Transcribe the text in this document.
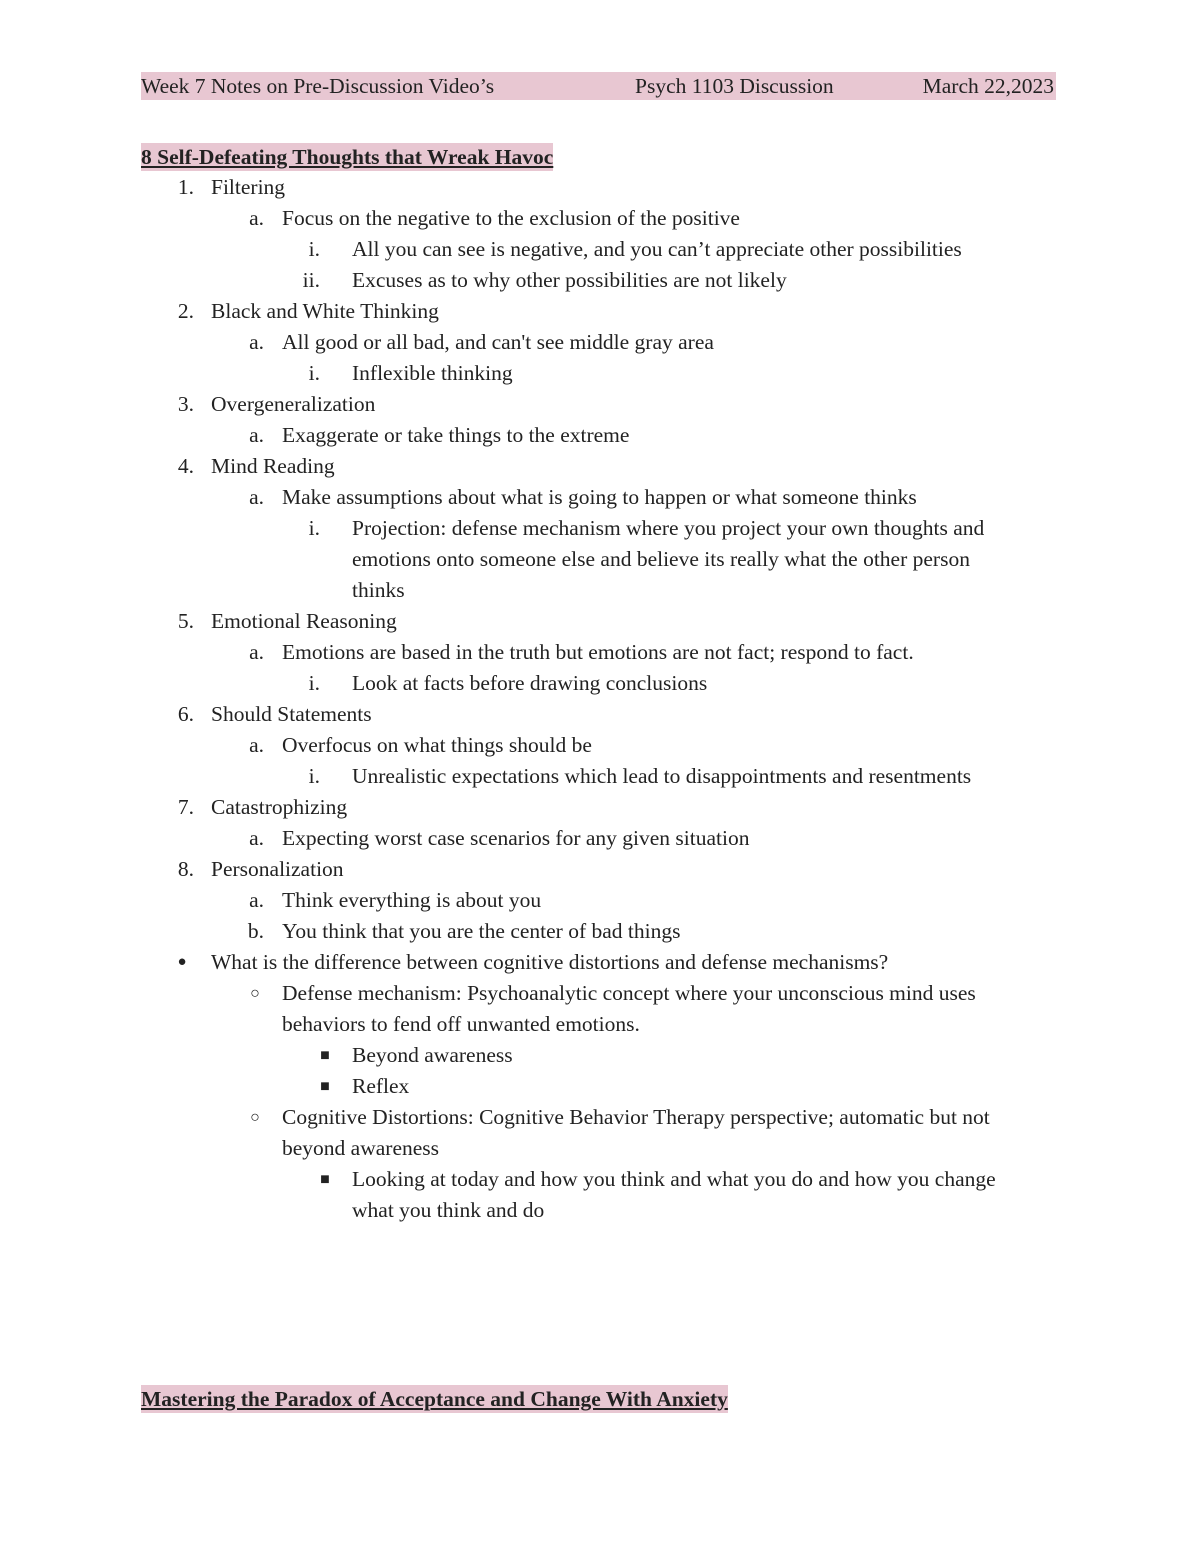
Week 7 Notes on Pre-Discussion Video’s	Psych 1103 Discussion	March 22,2023
8 Self-Defeating Thoughts that Wreak Havoc
1. Filtering
a. Focus on the negative to the exclusion of the positive
i. All you can see is negative, and you can’t appreciate other possibilities
ii. Excuses as to why other possibilities are not likely
2. Black and White Thinking
a. All good or all bad, and can't see middle gray area
i. Inflexible thinking
3. Overgeneralization
a. Exaggerate or take things to the extreme
4. Mind Reading
a. Make assumptions about what is going to happen or what someone thinks
i. Projection: defense mechanism where you project your own thoughts and
emotions onto someone else and believe its really what the other person
thinks
5. Emotional Reasoning
a. Emotions are based in the truth but emotions are not fact; respond to fact.
i. Look at facts before drawing conclusions
6. Should Statements
a. Overfocus on what things should be
i. Unrealistic expectations which lead to disappointments and resentments
7. Catastrophizing
a. Expecting worst case scenarios for any given situation
8. Personalization
a. Think everything is about you
b. You think that you are the center of bad things
●	What is the difference between cognitive distortions and defense mechanisms?
○	Defense mechanism: Psychoanalytic concept where your unconscious mind uses
behaviors to fend off unwanted emotions.
■	Beyond awareness
■	Reflex
○	Cognitive Distortions: Cognitive Behavior Therapy perspective; automatic but not
beyond awareness
■	Looking at today and how you think and what you do and how you change
what you think and do
Mastering the Paradox of Acceptance and Change With Anxiety
